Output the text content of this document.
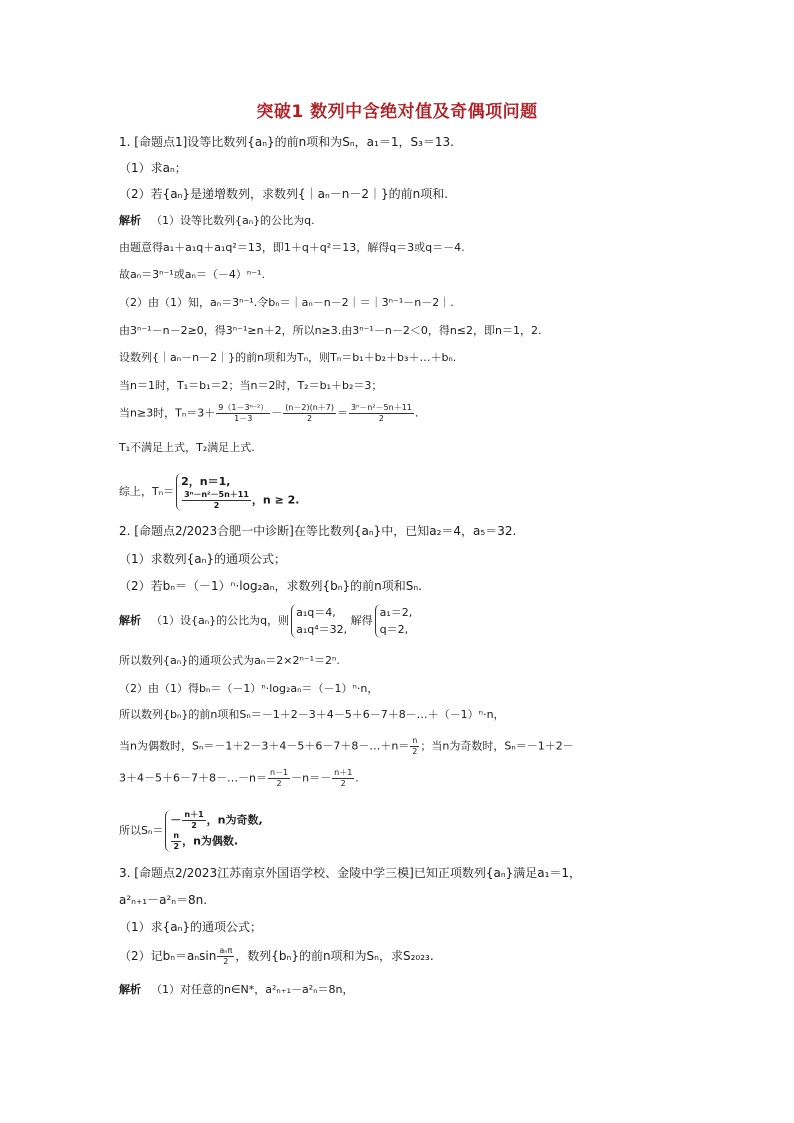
突破1 数列中含绝对值及奇偶项问题
1. [命题点1]设等比数列{aₙ}的前n项和为Sₙ，a₁＝1，S₃＝13.
（1）求aₙ；
（2）若{aₙ}是递增数列，求数列{｜aₙ－n－2｜}的前n项和.
解析 （1）设等比数列{aₙ}的公比为q.
由题意得a₁＋a₁q＋a₁q²＝13，即1＋q＋q²＝13，解得q＝3或q＝－4.
故aₙ＝3ⁿ⁻¹或aₙ＝（－4）ⁿ⁻¹.
（2）由（1）知，aₙ＝3ⁿ⁻¹.令bₙ＝｜aₙ－n－2｜＝｜3ⁿ⁻¹－n－2｜.
由3ⁿ⁻¹－n－2≥0，得3ⁿ⁻¹≥n＋2，所以n≥3.由3ⁿ⁻¹－n－2＜0，得n≤2，即n＝1，2.
设数列{｜aₙ－n－2｜}的前n项和为Tₙ，则Tₙ＝b₁＋b₂＋b₃＋…＋bₙ.
当n＝1时，T₁＝b₁＝2；当n＝2时，T₂＝b₁＋b₂＝3；
当n≥3时，$T_n=3+ \frac{\text{9（1－3ⁿ⁻²）}}{1-3} - \frac{(n-2)(n+7)}{2} = \frac{\text{3ⁿ－n²－5n＋11}}{2}$ .
T₁不满足上式，T₂满足上式.
综上，Tₙ＝
2，n＝1,
$\frac{\text{3ⁿ－n²－5n＋11}}{2}$ ，n ≥ 2.
2. [命题点2/2023合肥一中诊断]在等比数列{aₙ}中，已知a₂＝4，a₅＝32.
（1）求数列{aₙ}的通项公式；
（2）若bₙ＝（－1）ⁿ·log₂aₙ，求数列{bₙ}的前n项和Sₙ.
解析 （1）设{aₙ}的公比为q，则
a₁q＝4,
a₁q⁴＝32,
解得
a₁＝2,
q＝2,
所以数列{aₙ}的通项公式为aₙ＝2×2ⁿ⁻¹＝2ⁿ.
（2）由（1）得bₙ＝（－1）ⁿ·log₂aₙ＝（－1）ⁿ·n，
所以数列{bₙ}的前n项和Sₙ＝－1＋2－3＋4－5＋6－7＋8－…＋（－1）ⁿ·n，
当n为偶数时，Sₙ＝－1＋2－3＋4－5＋6－7＋8－…＋n＝ $\frac{n}{2}$ ；当n为奇数时，Sₙ＝－1＋2－
3＋4－5＋6－7＋8－…－n＝ $\frac{n-1}{2} -n=- \frac{n+1}{2}$ .
所以Sₙ＝
－ $\frac{n+1}{2}$ ，n为奇数,
$\frac{n}{2}$ ，n为偶数.
3. [命题点2/2023江苏南京外国语学校、金陵中学三模]已知正项数列{aₙ}满足a₁＝1，
a²ₙ₊₁－a²ₙ＝8n.
（1）求{aₙ}的通项公式；
（2）记$b_n=a_n\sin \frac{\text{aₙπ}}{2}$ ，数列{bₙ}的前n项和为Sₙ，求S₂₀₂₃.
解析 （1）对任意的n∈N*，a²ₙ₊₁－a²ₙ＝8n，
